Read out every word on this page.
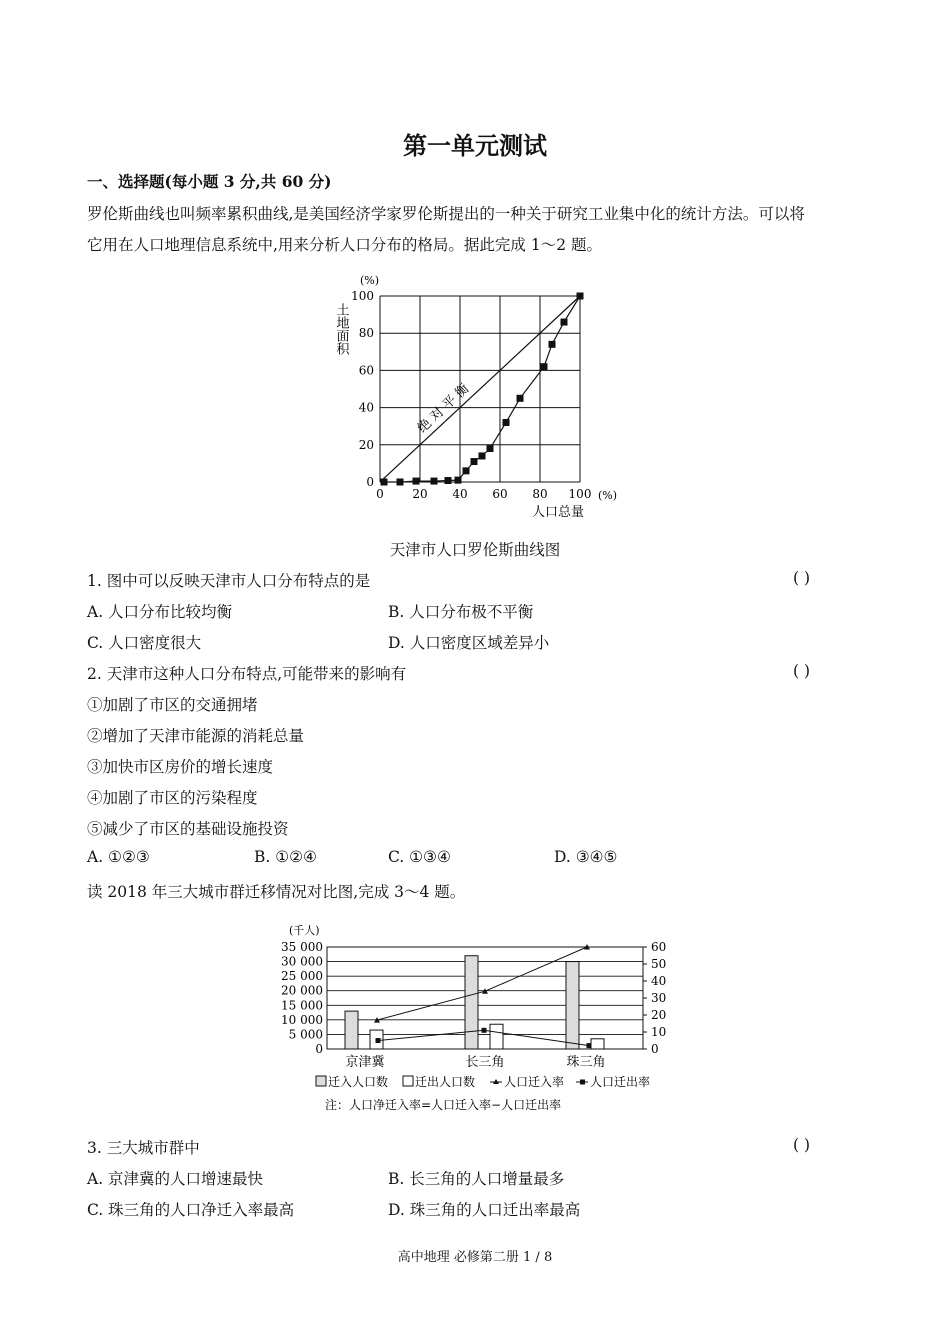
第一单元测试
一、选择题(每小题 3 分,共 60 分)
罗伦斯曲线也叫频率累积曲线,是美国经济学家罗伦斯提出的一种关于研究工业集中化的统计方法。可以将
它用在人口地理信息系统中,用来分析人口分布的格局。据此完成 1～2 题。
0 20 40 60 80 100
0
20
40
60
80
100
绝 对 平 衡
(%)
(%)
土地面积
人口总量
天津市人口罗伦斯曲线图
1. 图中可以反映天津市人口分布特点的是	( )
A. 人口分布比较均衡	B. 人口分布极不平衡
C. 人口密度很大	D. 人口密度区域差异小
2. 天津市这种人口分布特点,可能带来的影响有	( )
①加剧了市区的交通拥堵
②增加了天津市能源的消耗总量
③加快市区房价的增长速度
④加剧了市区的污染程度
⑤减少了市区的基础设施投资
A. ①②③	B. ①②④	C. ①③④	D. ③④⑤
读 2018 年三大城市群迁移情况对比图,完成 3～4 题。
(千人)
0
5 000
10 000
15 000
20 000
25 000
30 000
35 000
0
10
20
30
40
50
60
京津冀	长三角	珠三角
迁入人口数 迁出人口数 人口迁入率 人口迁出率
注：人口净迁入率=人口迁入率−人口迁出率
3. 三大城市群中	( )
A. 京津冀的人口增速最快	B. 长三角的人口增量最多
C. 珠三角的人口净迁入率最高	D. 珠三角的人口迁出率最高
高中地理 必修第二册 1 / 8
